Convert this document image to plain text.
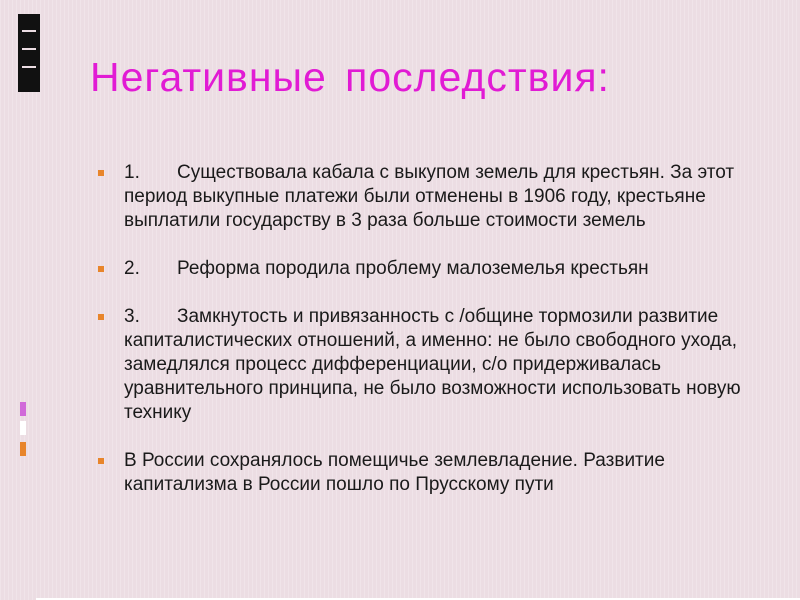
Негативные последствия:
1. Существовала кабала с выкупом земель для крестьян. За этот период выкупные платежи были отменены в 1906 году, крестьяне выплатили государству в 3 раза больше стоимости земель
2. Реформа породила проблему малоземелья крестьян
3. Замкнутость и привязанность с /общине тормозили развитие капиталистических отношений, а именно: не было свободного ухода, замедлялся процесс дифференциации, с/о придерживалась уравнительного принципа, не было возможности использовать новую технику
В России сохранялось помещичье землевладение. Развитие капитализма в России пошло по Прусскому пути
